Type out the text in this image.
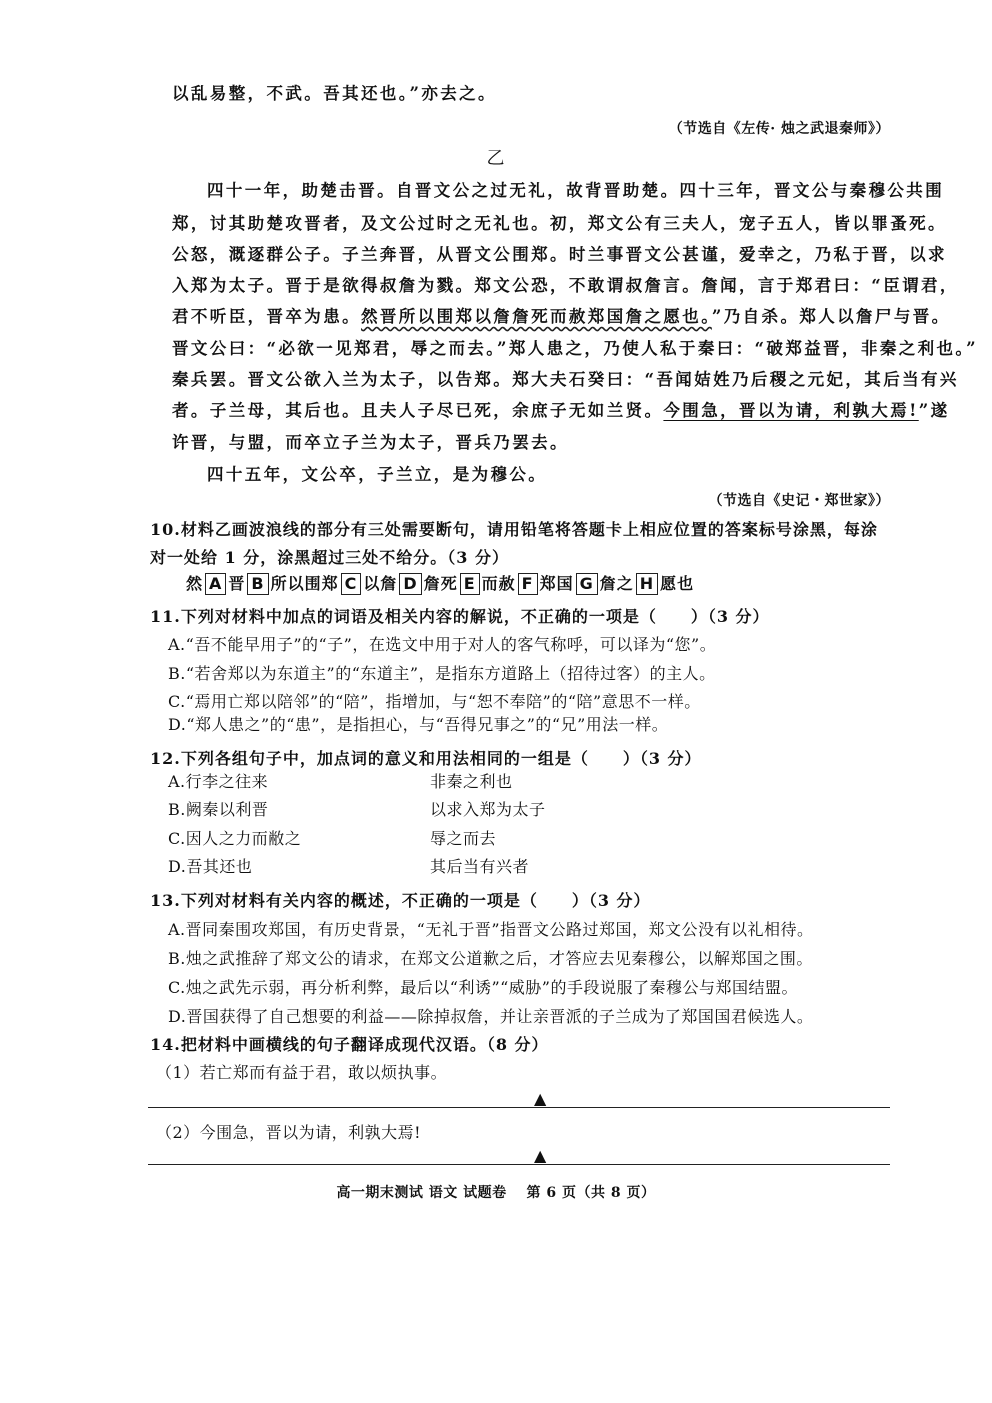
以乱易整，不武。吾其还也。”亦去之。
（节选自《左传· 烛之武退秦师》）
乙
四十一年，助楚击晋。自晋文公之过无礼，故背晋助楚。四十三年，晋文公与秦穆公共围
郑，讨其助楚攻晋者，及文公过时之无礼也。初，郑文公有三夫人，宠子五人，皆以罪蚤死。
公怒，溉逐群公子。子兰奔晋，从晋文公围郑。时兰事晋文公甚谨，爱幸之，乃私于晋，以求
入郑为太子。晋于是欲得叔詹为戮。郑文公恐，不敢谓叔詹言。詹闻，言于郑君曰：“臣谓君，
君不听臣，晋卒为患。然晋所以围郑以詹詹死而赦郑国詹之愿也。”乃自杀。郑人以詹尸与晋。
晋文公曰：“必欲一见郑君，辱之而去。”郑人患之，乃使人私于秦曰：“破郑益晋，非秦之利也。”
秦兵罢。晋文公欲入兰为太子，以告郑。郑大夫石癸曰：“吾闻姞姓乃后稷之元妃，其后当有兴
者。子兰母，其后也。且夫人子尽已死，余庶子无如兰贤。今围急，晋以为请，利孰大焉!”遂
许晋，与盟，而卒立子兰为太子，晋兵乃罢去。
四十五年，文公卒，子兰立，是为穆公。
（节选自《史记・郑世家》）
10.材料乙画波浪线的部分有三处需要断句，请用铅笔将答题卡上相应位置的答案标号涂黑，每涂
对一处给 1 分，涂黑超过三处不给分。（3 分）
然 A 晋 B 所以围郑 C 以詹 D 詹死 E 而赦 F 郑国 G 詹之 H 愿也
11.下列对材料中加点的词语及相关内容的解说，不正确的一项是（　　）（3 分）
A.“吾不能早用子”的“子”，在选文中用于对人的客气称呼，可以译为“您”。
B.“若舍郑以为东道主”的“东道主”，是指东方道路上（招待过客）的主人。
C.“焉用亡郑以陪邻”的“陪”，指增加，与“恕不奉陪”的“陪”意思不一样。
D.“郑人患之”的“患”，是指担心，与“吾得兄事之”的“兄”用法一样。
12.下列各组句子中，加点词的意义和用法相同的一组是（　　）（3 分）
A.行李之往来	非秦之利也
B.阙秦以利晋	以求入郑为太子
C.因人之力而敝之	辱之而去
D.吾其还也	其后当有兴者
13.下列对材料有关内容的概述，不正确的一项是（　　）（3 分）
A.晋同秦围攻郑国，有历史背景，“无礼于晋”指晋文公路过郑国，郑文公没有以礼相待。
B.烛之武推辞了郑文公的请求，在郑文公道歉之后，才答应去见秦穆公，以解郑国之围。
C.烛之武先示弱，再分析利弊，最后以“利诱”“威胁”的手段说服了秦穆公与郑国结盟。
D.晋国获得了自己想要的利益——除掉叔詹，并让亲晋派的子兰成为了郑国国君候选人。
14.把材料中画横线的句子翻译成现代汉语。（8 分）
（1）若亡郑而有益于君，敢以烦执事。
▲
（2）今围急，晋以为请，利孰大焉!
▲
高一期末测试 语文 试题卷　 第 6 页（共 8 页）
